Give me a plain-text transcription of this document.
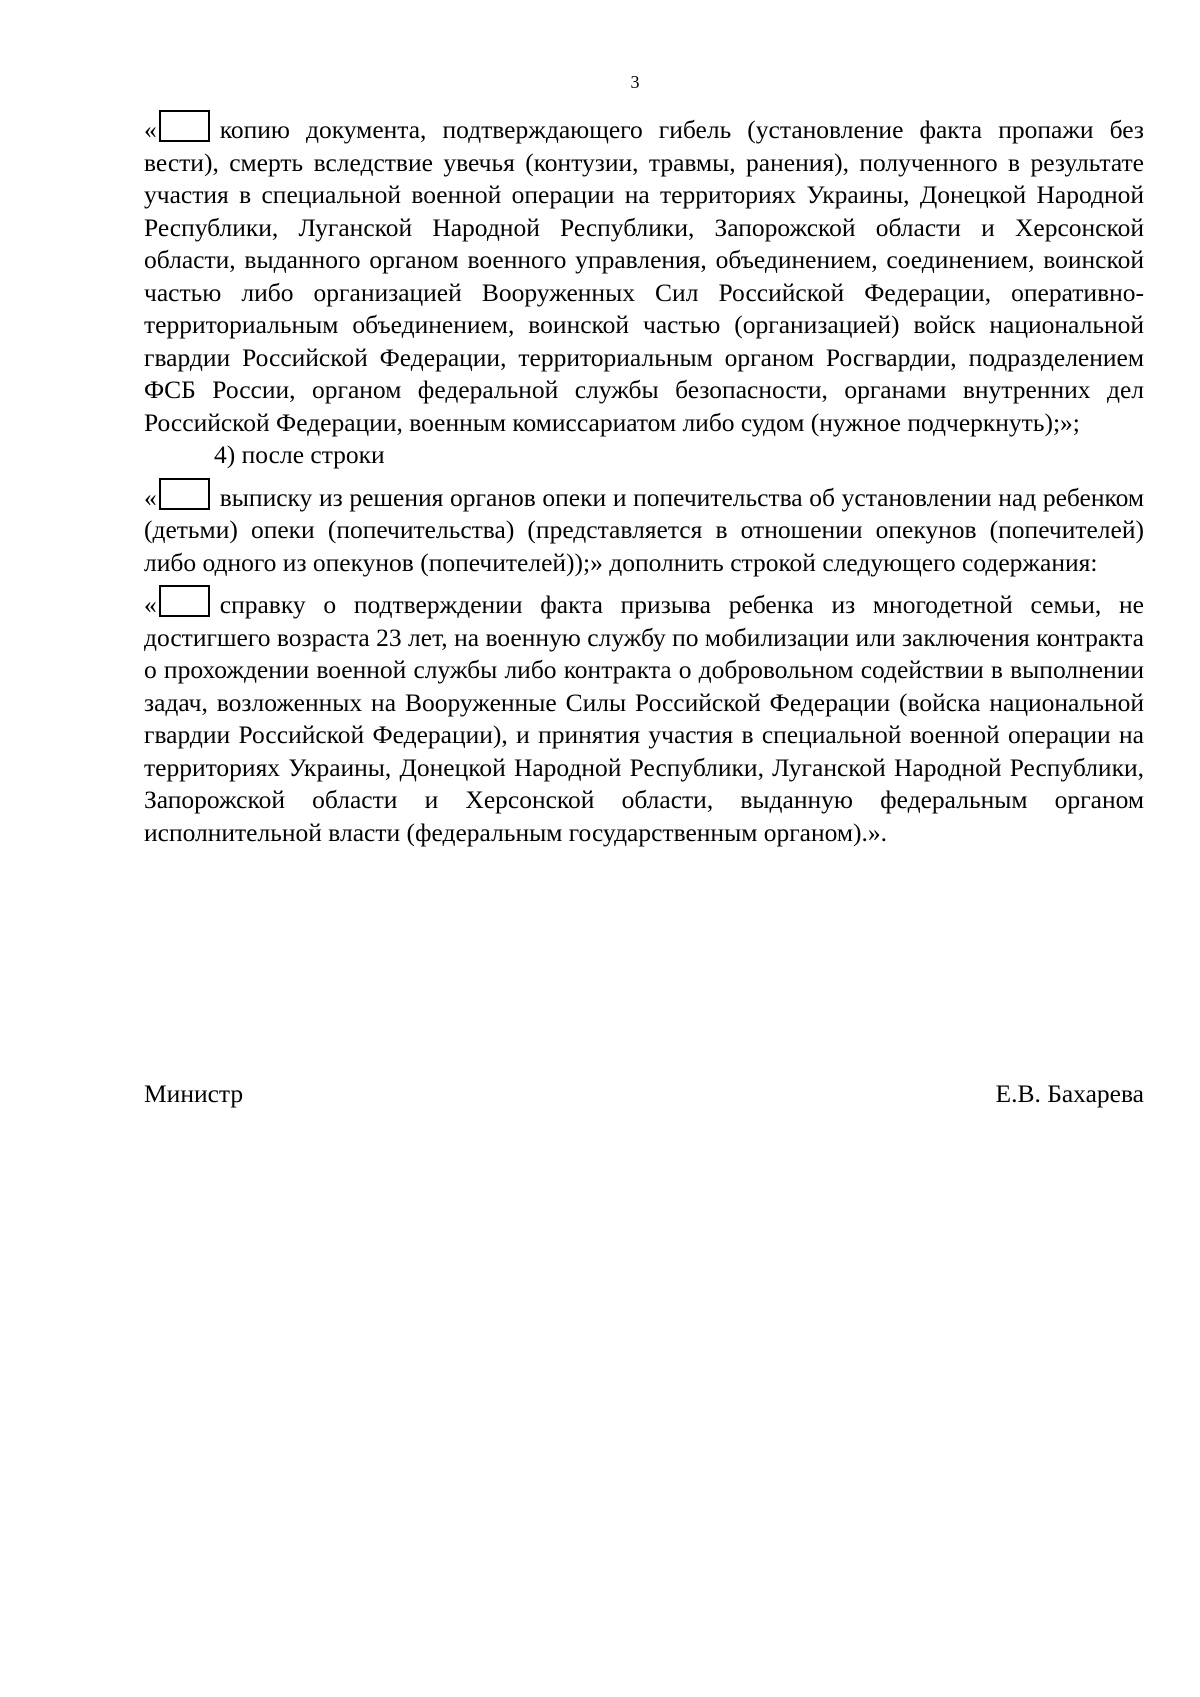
3

« копию документа, подтверждающего гибель (установление факта пропажи без вести), смерть вследствие увечья (контузии, травмы, ранения), полученного в результате участия в специальной военной операции на территориях Украины, Донецкой Народной Республики, Луганской Народной Республики, Запорожской области и Херсонской области, выданного органом военного управления, объединением, соединением, воинской частью либо организацией Вооруженных Сил Российской Федерации, оперативно-территориальным объединением, воинской частью (организацией) войск национальной гвардии Российской Федерации, территориальным органом Росгвардии, подразделением ФСБ России, органом федеральной службы безопасности, органами внутренних дел Российской Федерации, военным комиссариатом либо судом (нужное подчеркнуть);»;

4) после строки

« выписку из решения органов опеки и попечительства об установлении над ребенком (детьми) опеки (попечительства) (представляется в отношении опекунов (попечителей) либо одного из опекунов (попечителей));» дополнить строкой следующего содержания:

« справку о подтверждении факта призыва ребенка из многодетной семьи, не достигшего возраста 23 лет, на военную службу по мобилизации или заключения контракта о прохождении военной службы либо контракта о добровольном содействии в выполнении задач, возложенных на Вооруженные Силы Российской Федерации (войска национальной гвардии Российской Федерации), и принятия участия в специальной военной операции на территориях Украины, Донецкой Народной Республики, Луганской Народной Республики, Запорожской области и Херсонской области, выданную федеральным органом исполнительной власти (федеральным государственным органом).».

Министр	Е.В. Бахарева
